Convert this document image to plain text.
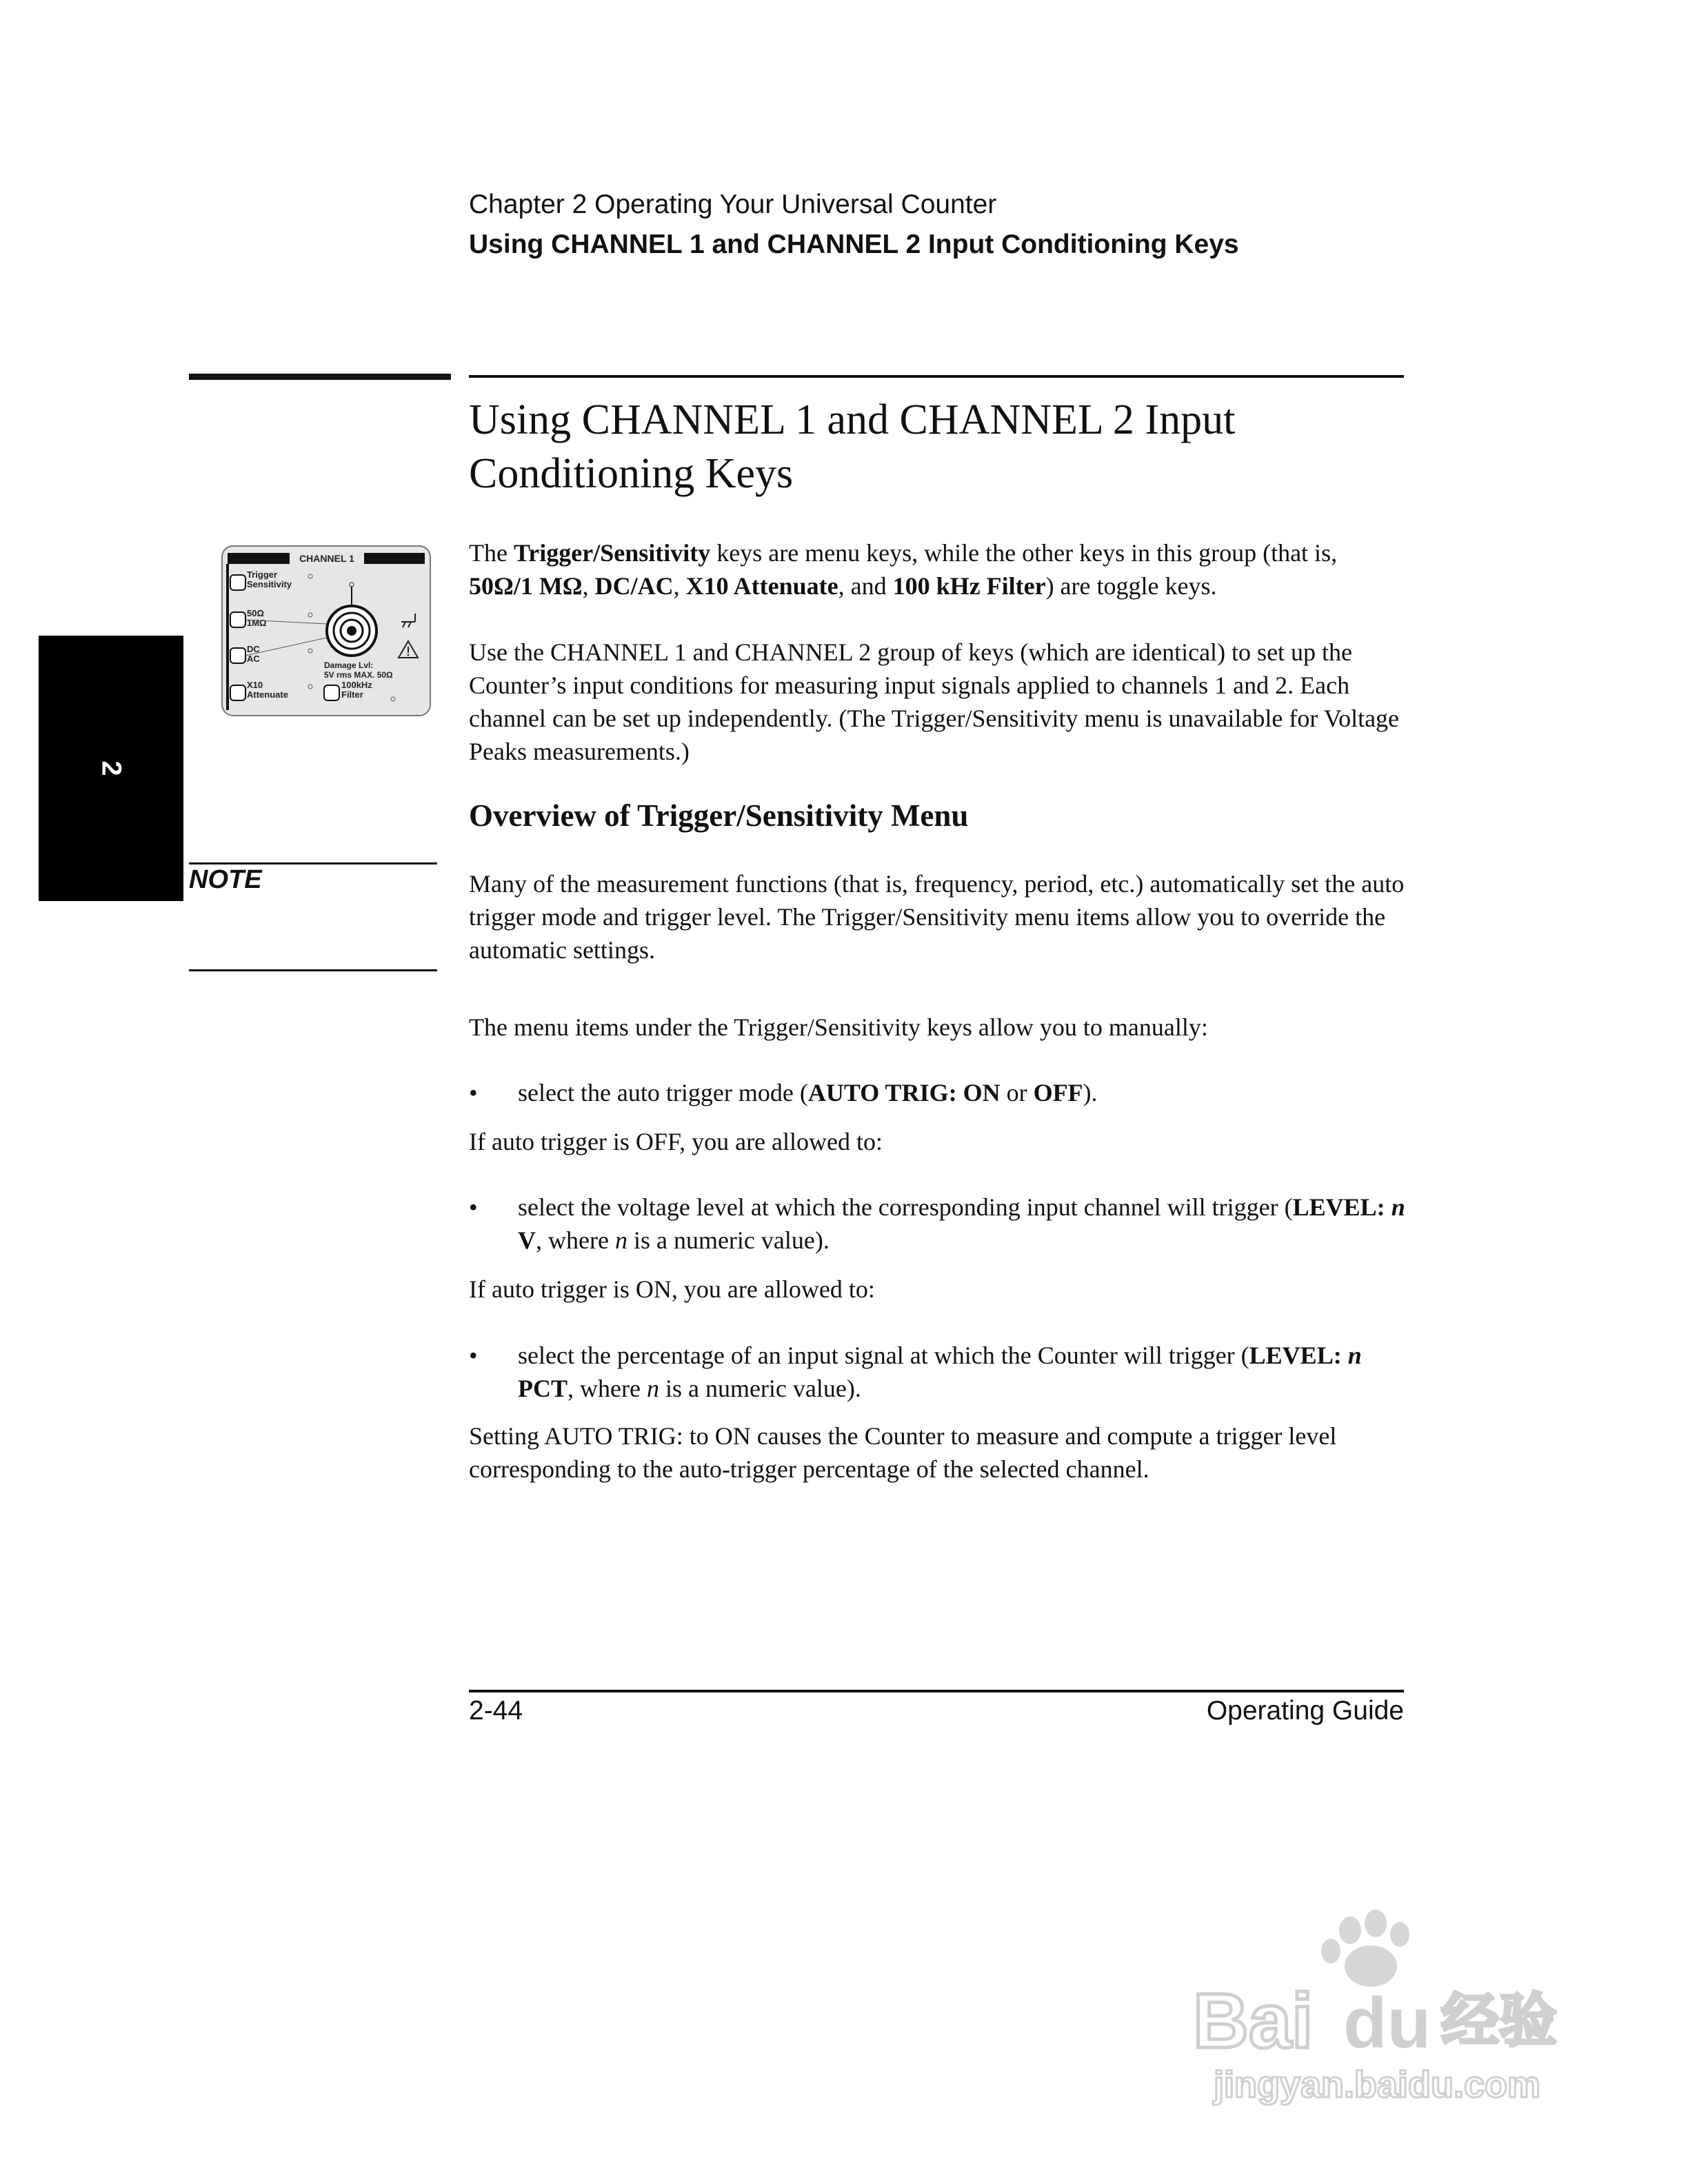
Chapter 2 Operating Your Universal Counter
Using CHANNEL 1 and CHANNEL 2 Input Conditioning Keys
Using CHANNEL 1 and CHANNEL 2 Input
Conditioning Keys
CHANNEL 1
Trigger
Sensitivity
50Ω
1MΩ
DC
AC
X10
Attenuate
100kHz
Filter
Damage Lvl:
5V rms MAX. 50Ω

The Trigger/Sensitivity keys are menu keys, while the other keys in this group (that is, 50Ω/1 MΩ, DC/AC, X10 Attenuate, and 100 kHz Filter) are toggle keys.

Use the CHANNEL 1 and CHANNEL 2 group of keys (which are identical) to set up the Counter’s input conditions for measuring input signals applied to channels 1 and 2. Each channel can be set up independently. (The Trigger/Sensitivity menu is unavailable for Voltage Peaks measurements.)

2
Overview of Trigger/Sensitivity Menu
NOTE	Many of the measurement functions (that is, frequency, period, etc.) automatically set the auto trigger mode and trigger level. The Trigger/Sensitivity menu items allow you to override the automatic settings.

The menu items under the Trigger/Sensitivity keys allow you to manually:

• select the auto trigger mode (AUTO TRIG: ON or OFF).

If auto trigger is OFF, you are allowed to:

• select the voltage level at which the corresponding input channel will trigger (LEVEL: n V, where n is a numeric value).

If auto trigger is ON, you are allowed to:

• select the percentage of an input signal at which the Counter will trigger (LEVEL: n PCT, where n is a numeric value).

Setting AUTO TRIG: to ON causes the Counter to measure and compute a trigger level corresponding to the auto-trigger percentage of the selected channel.

2-44	Operating Guide
Bai du 经验
jingyan.baidu.com
